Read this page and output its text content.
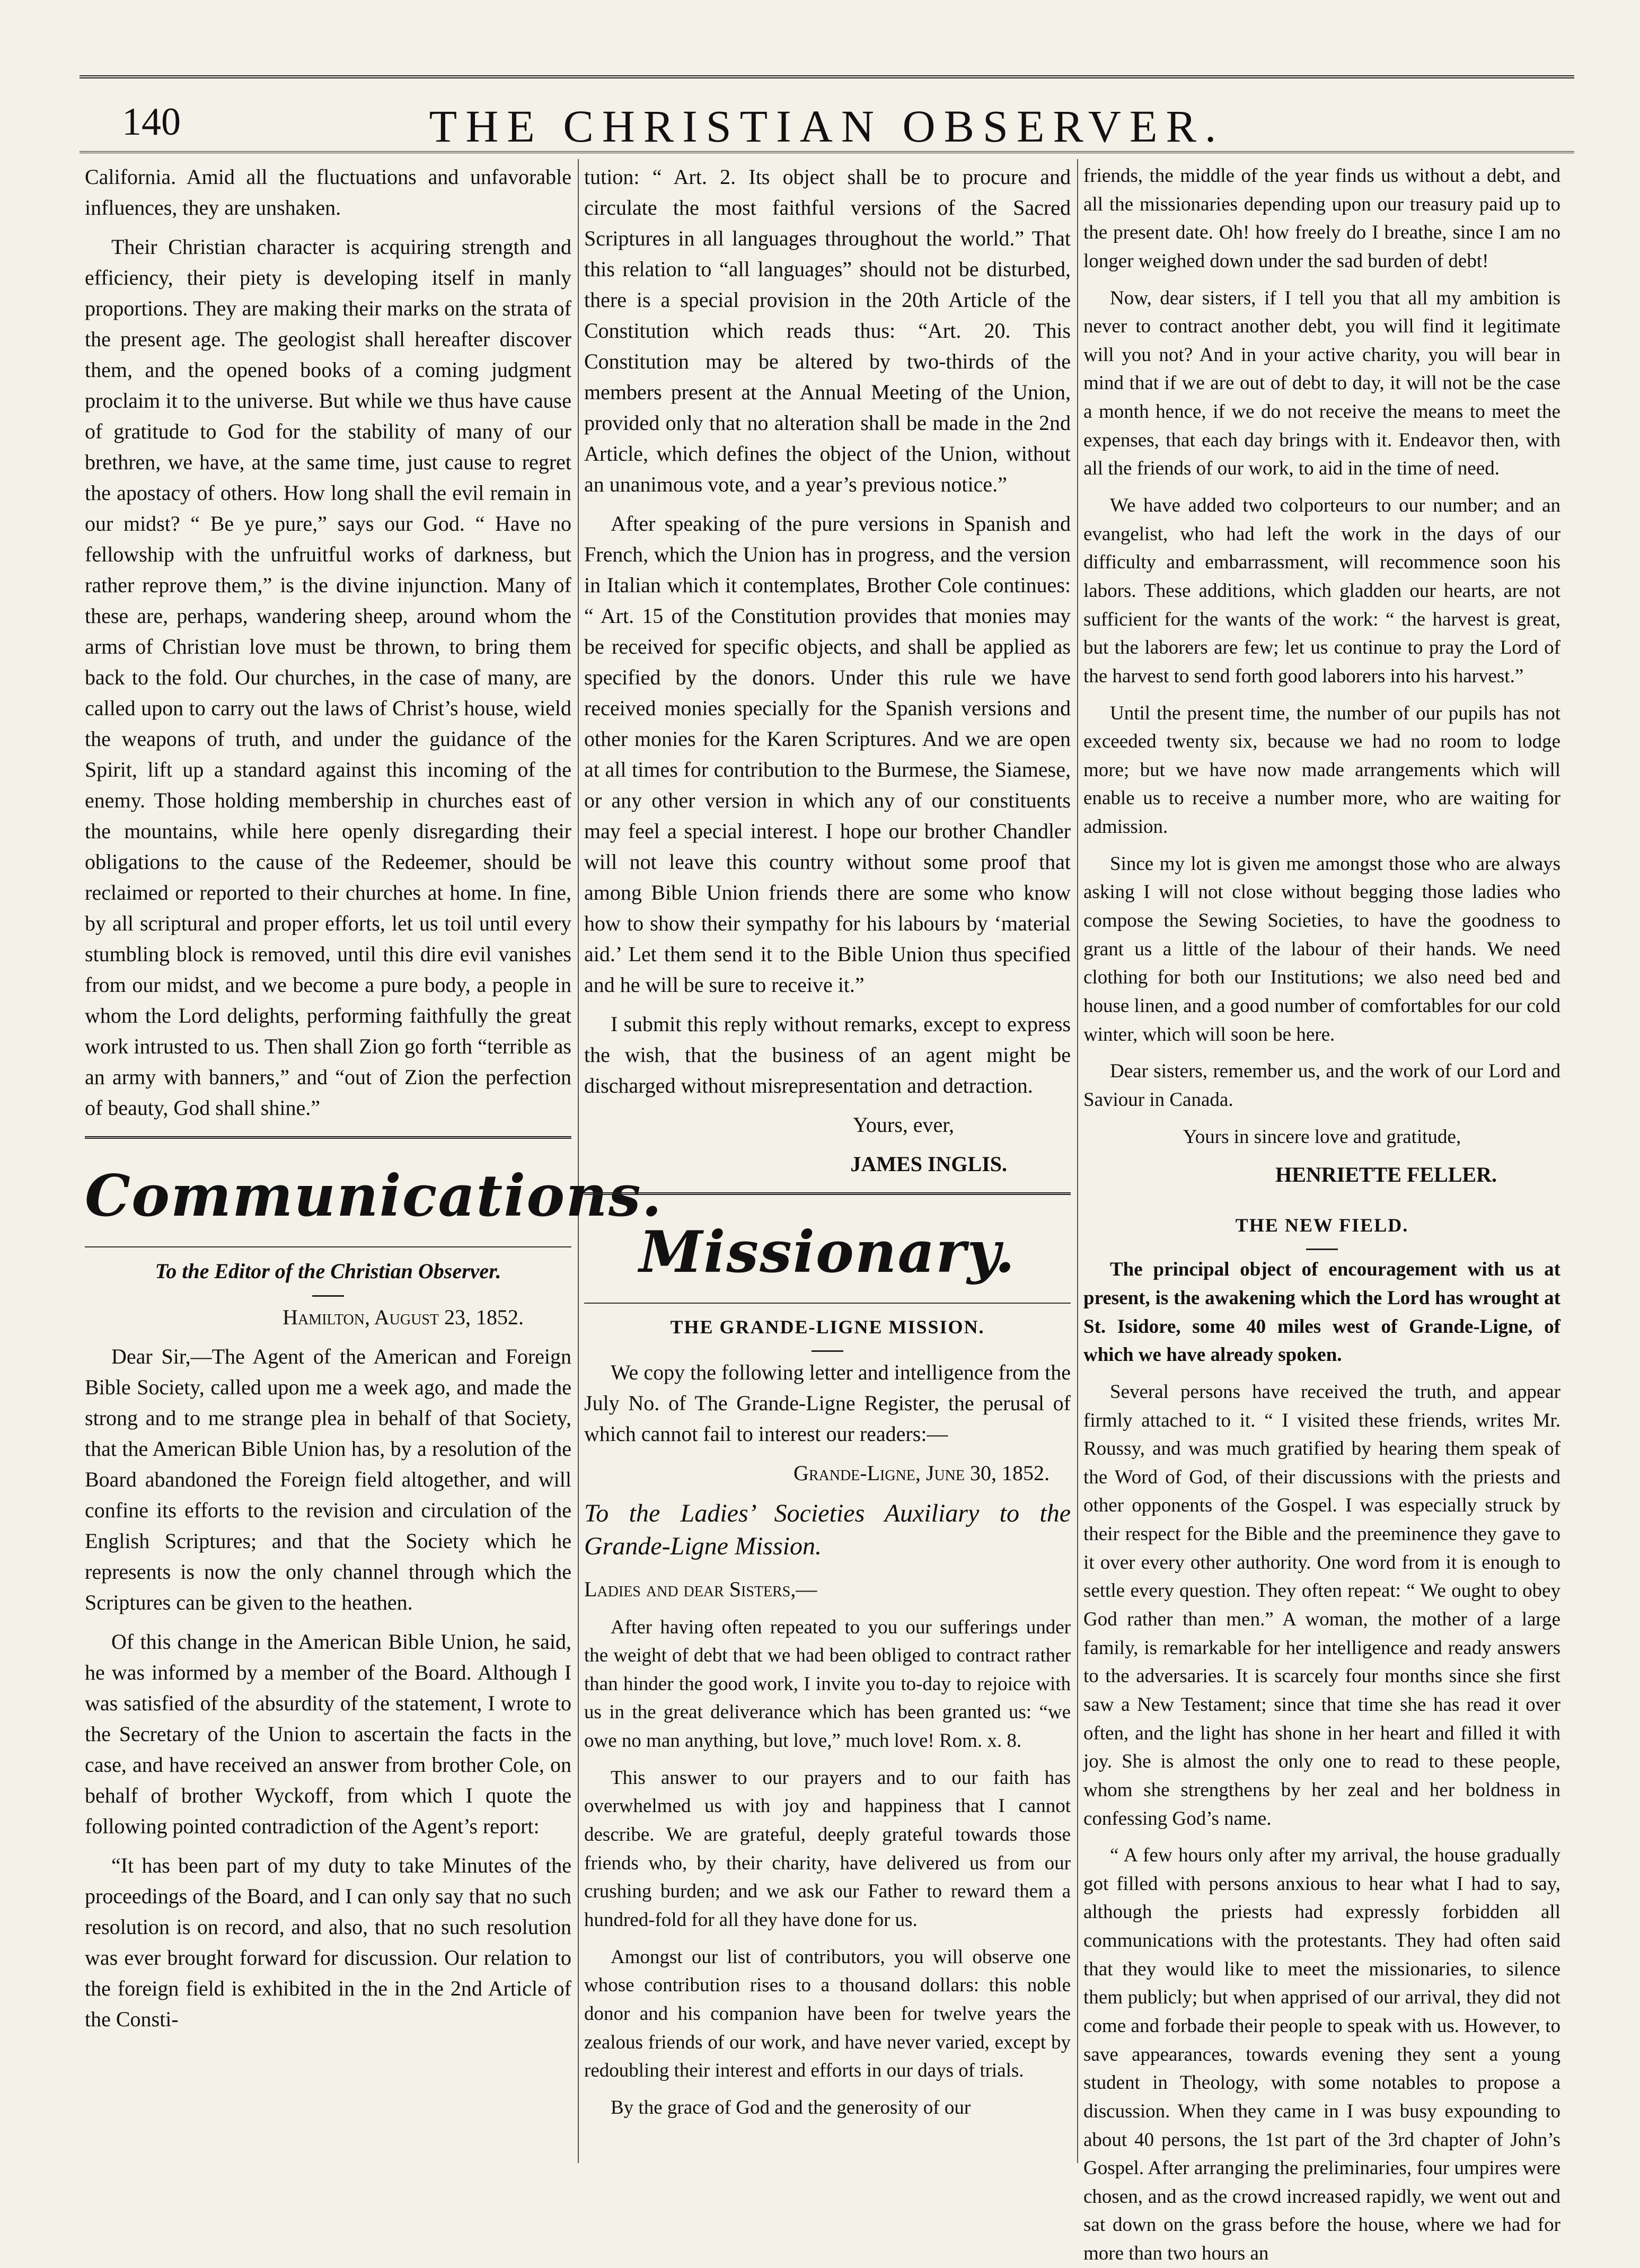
140	THE CHRISTIAN OBSERVER.

California. Amid all the fluctuations and unfavorable influences, they are unshaken.

Their Christian character is acquiring strength and efficiency, their piety is developing itself in manly proportions. They are making their marks on the strata of the present age. The geologist shall hereafter discover them, and the opened books of a coming judgment proclaim it to the universe. But while we thus have cause of gratitude to God for the stability of many of our brethren, we have, at the same time, just cause to regret the apostacy of others. How long shall the evil remain in our midst? “ Be ye pure,” says our God. “ Have no fellowship with the unfruitful works of darkness, but rather reprove them,” is the divine injunction. Many of these are, perhaps, wandering sheep, around whom the arms of Christian love must be thrown, to bring them back to the fold. Our churches, in the case of many, are called upon to carry out the laws of Christ’s house, wield the weapons of truth, and under the guidance of the Spirit, lift up a standard against this incoming of the enemy. Those holding membership in churches east of the mountains, while here openly disregarding their obligations to the cause of the Redeemer, should be reclaimed or reported to their churches at home. In fine, by all scriptural and proper efforts, let us toil until every stumbling block is removed, until this dire evil vanishes from our midst, and we become a pure body, a people in whom the Lord delights, performing faithfully the great work intrusted to us. Then shall Zion go forth “terrible as an army with banners,” and “out of Zion the perfection of beauty, God shall shine.”

Communications.

To the Editor of the Christian Observer.

Hamilton, August 23, 1852.

Dear Sir,—The Agent of the American and Foreign Bible Society, called upon me a week ago, and made the strong and to me strange plea in behalf of that Society, that the American Bible Union has, by a resolution of the Board abandoned the Foreign field altogether, and will confine its efforts to the revision and circulation of the English Scriptures; and that the Society which he represents is now the only channel through which the Scriptures can be given to the heathen.

Of this change in the American Bible Union, he said, he was informed by a member of the Board. Although I was satisfied of the absurdity of the statement, I wrote to the Secretary of the Union to ascertain the facts in the case, and have received an answer from brother Cole, on behalf of brother Wyckoff, from which I quote the following pointed contradiction of the Agent’s report:

“It has been part of my duty to take Minutes of the proceedings of the Board, and I can only say that no such resolution is on record, and also, that no such resolution was ever brought forward for discussion. Our relation to the foreign field is exhibited in the in the 2nd Article of the Consti-

tution: “ Art. 2. Its object shall be to procure and circulate the most faithful versions of the Sacred Scriptures in all languages throughout the world.” That this relation to “all languages” should not be disturbed, there is a special provision in the 20th Article of the Constitution which reads thus: “Art. 20. This Constitution may be altered by two-thirds of the members present at the Annual Meeting of the Union, provided only that no alteration shall be made in the 2nd Article, which defines the object of the Union, without an unanimous vote, and a year’s previous notice.”

After speaking of the pure versions in Spanish and French, which the Union has in progress, and the version in Italian which it contemplates, Brother Cole continues: “ Art. 15 of the Constitution provides that monies may be received for specific objects, and shall be applied as specified by the donors. Under this rule we have received monies specially for the Spanish versions and other monies for the Karen Scriptures. And we are open at all times for contribution to the Burmese, the Siamese, or any other version in which any of our constituents may feel a special interest. I hope our brother Chandler will not leave this country without some proof that among Bible Union friends there are some who know how to show their sympathy for his labours by ‘material aid.’ Let them send it to the Bible Union thus specified and he will be sure to receive it.”

I submit this reply without remarks, except to express the wish, that the business of an agent might be discharged without misrepresentation and detraction.

Yours, ever,

JAMES INGLIS.

Missionary.

THE GRANDE-LIGNE MISSION.

We copy the following letter and intelligence from the July No. of The Grande-Ligne Register, the perusal of which cannot fail to interest our readers:—

Grande-Ligne, June 30, 1852.

To the Ladies’ Societies Auxiliary to the Grande-Ligne Mission.

Ladies and dear Sisters,—

After having often repeated to you our sufferings under the weight of debt that we had been obliged to contract rather than hinder the good work, I invite you to-day to rejoice with us in the great deliverance which has been granted us: “we owe no man anything, but love,” much love! Rom. x. 8.

This answer to our prayers and to our faith has overwhelmed us with joy and happiness that I cannot describe. We are grateful, deeply grateful towards those friends who, by their charity, have delivered us from our crushing burden; and we ask our Father to reward them a hundred-fold for all they have done for us.

Amongst our list of contributors, you will observe one whose contribution rises to a thousand dollars: this noble donor and his companion have been for twelve years the zealous friends of our work, and have never varied, except by redoubling their interest and efforts in our days of trials.

By the grace of God and the generosity of our

friends, the middle of the year finds us without a debt, and all the missionaries depending upon our treasury paid up to the present date. Oh! how freely do I breathe, since I am no longer weighed down under the sad burden of debt!

Now, dear sisters, if I tell you that all my ambition is never to contract another debt, you will find it legitimate will you not? And in your active charity, you will bear in mind that if we are out of debt to day, it will not be the case a month hence, if we do not receive the means to meet the expenses, that each day brings with it. Endeavor then, with all the friends of our work, to aid in the time of need.

We have added two colporteurs to our number; and an evangelist, who had left the work in the days of our difficulty and embarrassment, will recommence soon his labors. These additions, which gladden our hearts, are not sufficient for the wants of the work: “ the harvest is great, but the laborers are few; let us continue to pray the Lord of the harvest to send forth good laborers into his harvest.”

Until the present time, the number of our pupils has not exceeded twenty six, because we had no room to lodge more; but we have now made arrangements which will enable us to receive a number more, who are waiting for admission.

Since my lot is given me amongst those who are always asking I will not close without begging those ladies who compose the Sewing Societies, to have the goodness to grant us a little of the labour of their hands. We need clothing for both our Institutions; we also need bed and house linen, and a good number of comfortables for our cold winter, which will soon be here.

Dear sisters, remember us, and the work of our Lord and Saviour in Canada.

Yours in sincere love and gratitude,

HENRIETTE FELLER.

THE NEW FIELD.

The principal object of encouragement with us at present, is the awakening which the Lord has wrought at St. Isidore, some 40 miles west of Grande-Ligne, of which we have already spoken.

Several persons have received the truth, and appear firmly attached to it. “ I visited these friends, writes Mr. Roussy, and was much gratified by hearing them speak of the Word of God, of their discussions with the priests and other opponents of the Gospel. I was especially struck by their respect for the Bible and the preeminence they gave to it over every other authority. One word from it is enough to settle every question. They often repeat: “ We ought to obey God rather than men.” A woman, the mother of a large family, is remarkable for her intelligence and ready answers to the adversaries. It is scarcely four months since she first saw a New Testament; since that time she has read it over often, and the light has shone in her heart and filled it with joy. She is almost the only one to read to these people, whom she strengthens by her zeal and her boldness in confessing God’s name.

“ A few hours only after my arrival, the house gradually got filled with persons anxious to hear what I had to say, although the priests had expressly forbidden all communications with the protestants. They had often said that they would like to meet the missionaries, to silence them publicly; but when apprised of our arrival, they did not come and forbade their people to speak with us. However, to save appearances, towards evening they sent a young student in Theology, with some notables to propose a discussion. When they came in I was busy expounding to about 40 persons, the 1st part of the 3rd chapter of John’s Gospel. After arranging the preliminaries, four umpires were chosen, and as the crowd increased rapidly, we went out and sat down on the grass before the house, where we had for more than two hours an
